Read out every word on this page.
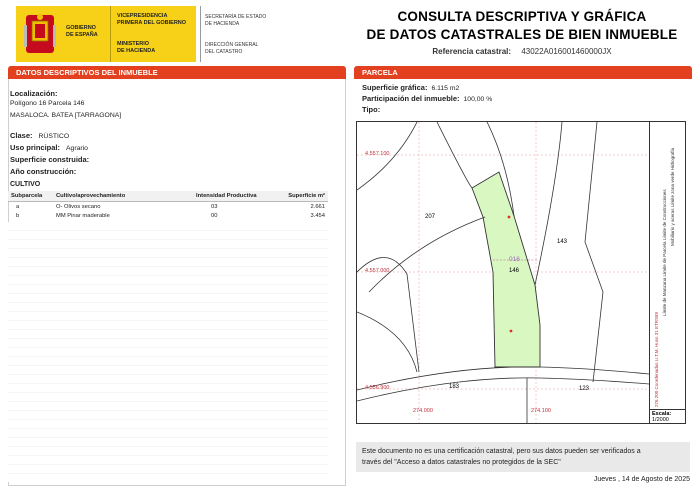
GOBIERNO
DE ESPAÑA
VICEPRESIDENCIA
PRIMERA DEL GOBIERNO
MINISTERIO
DE HACIENDA
SECRETARÍA DE ESTADO
DE HACIENDA
DIRECCIÓN GENERAL
DEL CATASTRO
CONSULTA DESCRIPTIVA Y GRÁFICA
DE DATOS CATASTRALES DE BIEN INMUEBLE
Referencia catastral: 43022A016001460000JX
DATOS DESCRIPTIVOS DEL INMUEBLE
Localización:
Polígono 16 Parcela 146
MASALOCA. BATEA [TARRAGONA]
Clase: RÚSTICO
Uso principal: Agrario
Superficie construida:
Año construcción:
CULTIVO
Subparcela	Cultivo/aprovechamiento	Intensidad Productiva	Superficie m²
a	O- Olivos secano	03	2.661
b	MM Pinar maderable	00	3.454
PARCELA
Superficie gráfica: 6.115 m2
Participación del inmueble: 100,00 %
Tipo:
4.557.100
4.557.000
4.556.900
274.000	274.100
207
143
016
146
183	123
Límite de Manzana Límite de Parcela Límite de Construcciones Mobiliario y aceras Límite zona verde Hidrografía
276.200 Coordenadas U.T.M. Huso 31 ETRS89
Escala:
1/2000
Este documento no es una certificación catastral, pero sus datos pueden ser verificados a
través del "Acceso a datos catastrales no protegidos de la SEC"
Jueves , 14 de Agosto de 2025
